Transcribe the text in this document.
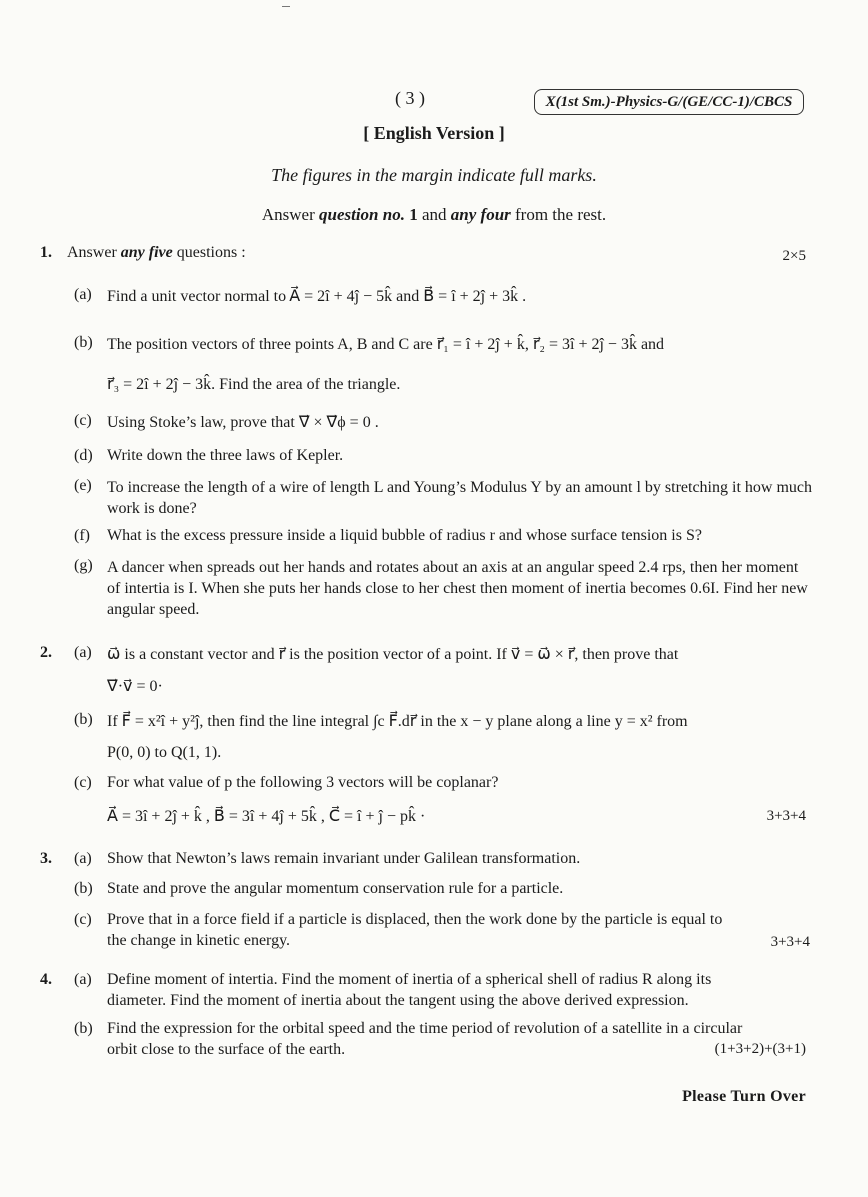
( 3 )	X(1st Sm.)-Physics-G/(GE/CC-1)/CBCS
[ English Version ]
The figures in the margin indicate full marks.
Answer question no. 1 and any four from the rest.
1. Answer any five questions :	2×5
(a) Find a unit vector normal to A⃗ = 2î + 4ĵ − 5k̂ and B⃗ = î + 2ĵ + 3k̂ .
(b) The position vectors of three points A, B and C are r⃗₁ = î + 2ĵ + k̂, r⃗₂ = 3î + 2ĵ − 3k̂ and
r⃗₃ = 2î + 2ĵ − 3k̂. Find the area of the triangle.
(c) Using Stoke’s law, prove that ∇⃗ × ∇⃗ϕ = 0 .
(d) Write down the three laws of Kepler.
(e) To increase the length of a wire of length L and Young’s Modulus Y by an amount l by stretching it how much work is done?
(f) What is the excess pressure inside a liquid bubble of radius r and whose surface tension is S?
(g) A dancer when spreads out her hands and rotates about an axis at an angular speed 2.4 rps, then her moment of intertia is I. When she puts her hands close to her chest then moment of inertia becomes 0.6I. Find her new angular speed.
2. (a) ω⃗ is a constant vector and r⃗ is the position vector of a point. If v⃗ = ω⃗ × r⃗, then prove that
∇⃗·v⃗ = 0·
(b) If F⃗ = x²î + y²ĵ, then find the line integral ∫c F⃗.dr⃗ in the x − y plane along a line y = x² from
P(0, 0) to Q(1, 1).
(c) For what value of p the following 3 vectors will be coplanar?
A⃗ = 3î + 2ĵ + k̂ , B⃗ = 3î + 4ĵ + 5k̂ , C⃗ = î + ĵ − pk̂ ·	3+3+4
3. (a) Show that Newton’s laws remain invariant under Galilean transformation.
(b) State and prove the angular momentum conservation rule for a particle.
(c) Prove that in a force field if a particle is displaced, then the work done by the particle is equal to
the change in kinetic energy.	3+3+4
4. (a) Define moment of intertia. Find the moment of inertia of a spherical shell of radius R along its
diameter. Find the moment of inertia about the tangent using the above derived expression.
(b) Find the expression for the orbital speed and the time period of revolution of a satellite in a circular
orbit close to the surface of the earth.	(1+3+2)+(3+1)
Please Turn Over
